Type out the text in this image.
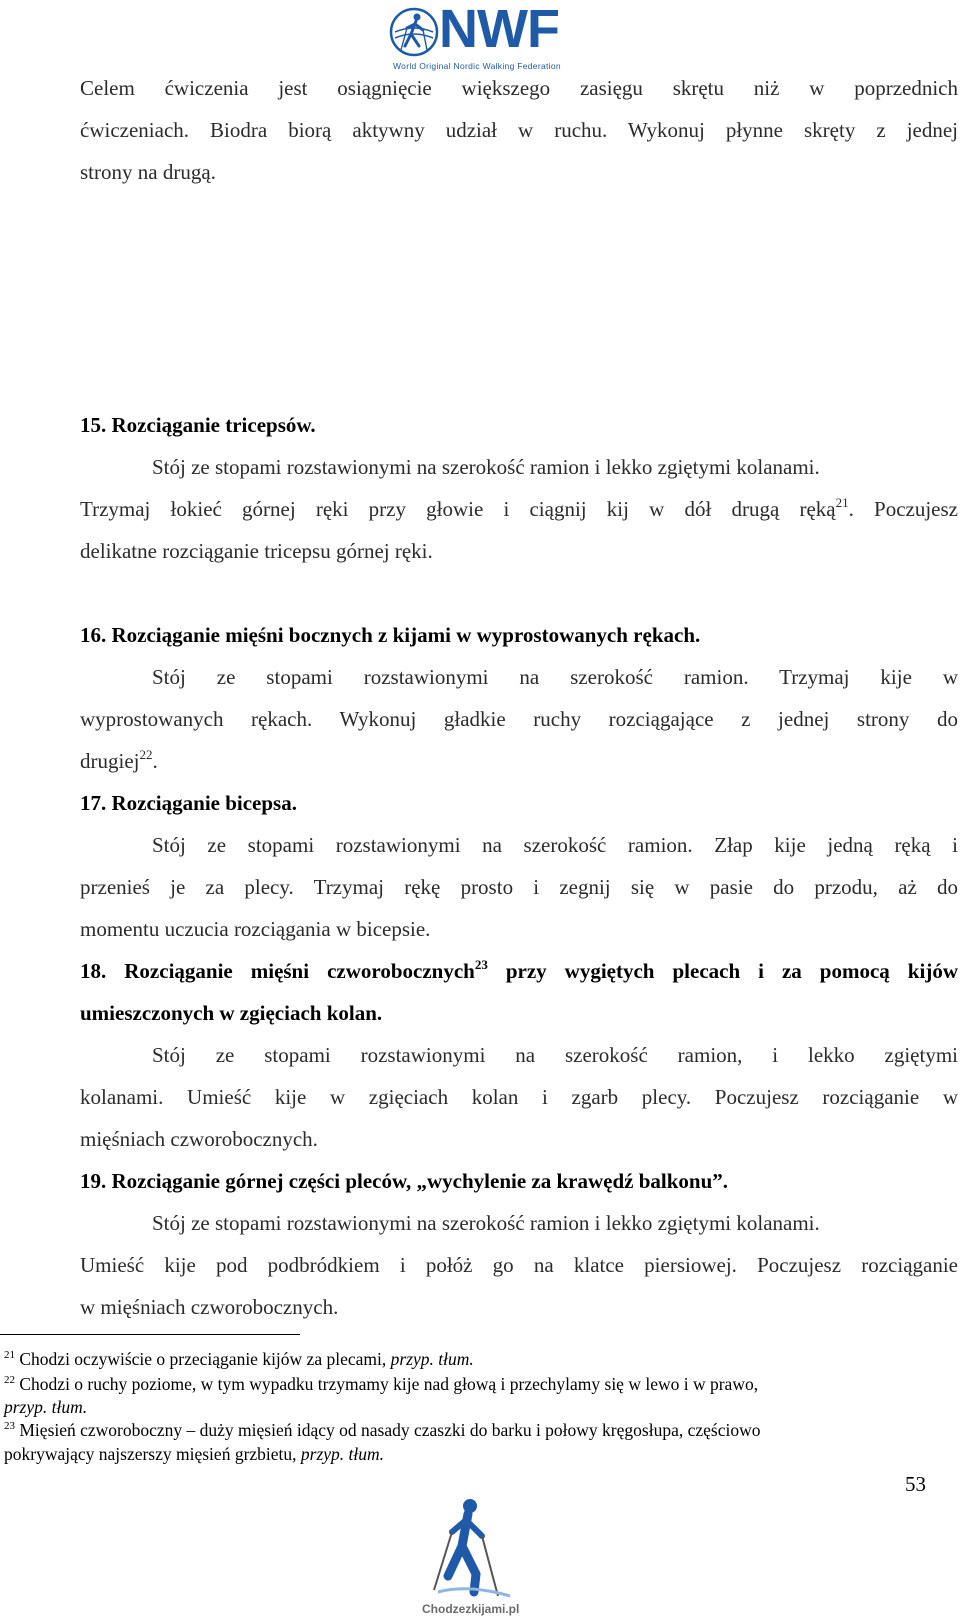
NWF
World Original Nordic Walking Federation
Celem ćwiczenia jest osiągnięcie większego zasięgu skrętu niż w poprzednich
ćwiczeniach. Biodra biorą aktywny udział w ruchu. Wykonuj płynne skręty z jednej
strony na drugą.
15. Rozciąganie tricepsów.
Stój ze stopami rozstawionymi na szerokość ramion i lekko zgiętymi kolanami.
Trzymaj łokieć górnej ręki przy głowie i ciągnij kij w dół drugą ręką$^{21}$. Poczujesz
delikatne rozciąganie tricepsu górnej ręki.
16. Rozciąganie mięśni bocznych z kijami w wyprostowanych rękach.
Stój ze stopami rozstawionymi na szerokość ramion. Trzymaj kije w
wyprostowanych rękach. Wykonuj gładkie ruchy rozciągające z jednej strony do
drugiej$^{22}$.
17. Rozciąganie bicepsa.
Stój ze stopami rozstawionymi na szerokość ramion. Złap kije jedną ręką i
przenieś je za plecy. Trzymaj rękę prosto i zegnij się w pasie do przodu, aż do
momentu uczucia rozciągania w bicepsie.
18. Rozciąganie mięśni czworobocznych$^{23}$ przy wygiętych plecach i za pomocą kijów
umieszczonych w zgięciach kolan.
Stój ze stopami rozstawionymi na szerokość ramion, i lekko zgiętymi
kolanami. Umieść kije w zgięciach kolan i zgarb plecy. Poczujesz rozciąganie w
mięśniach czworobocznych.
19. Rozciąganie górnej części pleców, „wychylenie za krawędź balkonu”.
Stój ze stopami rozstawionymi na szerokość ramion i lekko zgiętymi kolanami.
Umieść kije pod podbródkiem i połóż go na klatce piersiowej. Poczujesz rozciąganie
w mięśniach czworobocznych.
$^{21}$ Chodzi oczywiście o przeciąganie kijów za plecami, przyp. tłum.
$^{22}$ Chodzi o ruchy poziome, w tym wypadku trzymamy kije nad głową i przechylamy się w lewo i w prawo,
przyp. tłum.
$^{23}$ Mięsień czworoboczny – duży mięsień idący od nasady czaszki do barku i połowy kręgosłupa, częściowo
pokrywający najszerszy mięsień grzbietu, przyp. tłum.
53
Chodzezkijami.pl
